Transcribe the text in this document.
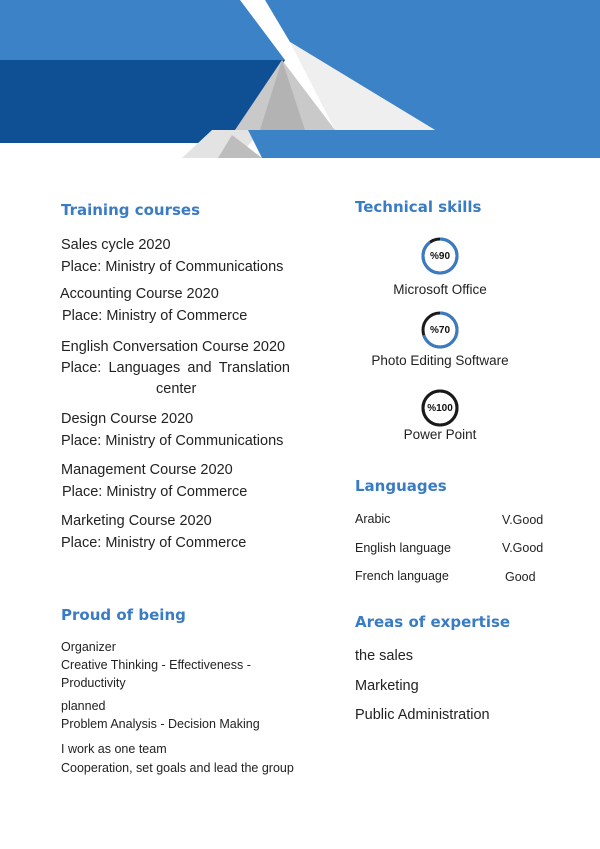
Training courses
Sales cycle 2020
Place: Ministry of Communications
Accounting Course 2020
Place: Ministry of Commerce
English Conversation Course 2020
Place: Languages and Translation
center
Design Course 2020
Place: Ministry of Communications
Management Course 2020
Place: Ministry of Commerce
Marketing Course 2020
Place: Ministry of Commerce
Proud of being
Organizer
Creative Thinking - Effectiveness -
Productivity
planned
Problem Analysis - Decision Making
I work as one team
Cooperation, set goals and lead the group
Technical skills
%90
Microsoft Office
%70
Photo Editing Software
%100
Power Point
Languages
Arabic	V.Good
English language	V.Good
French language	Good
Areas of expertise
the sales
Marketing
Public Administration
